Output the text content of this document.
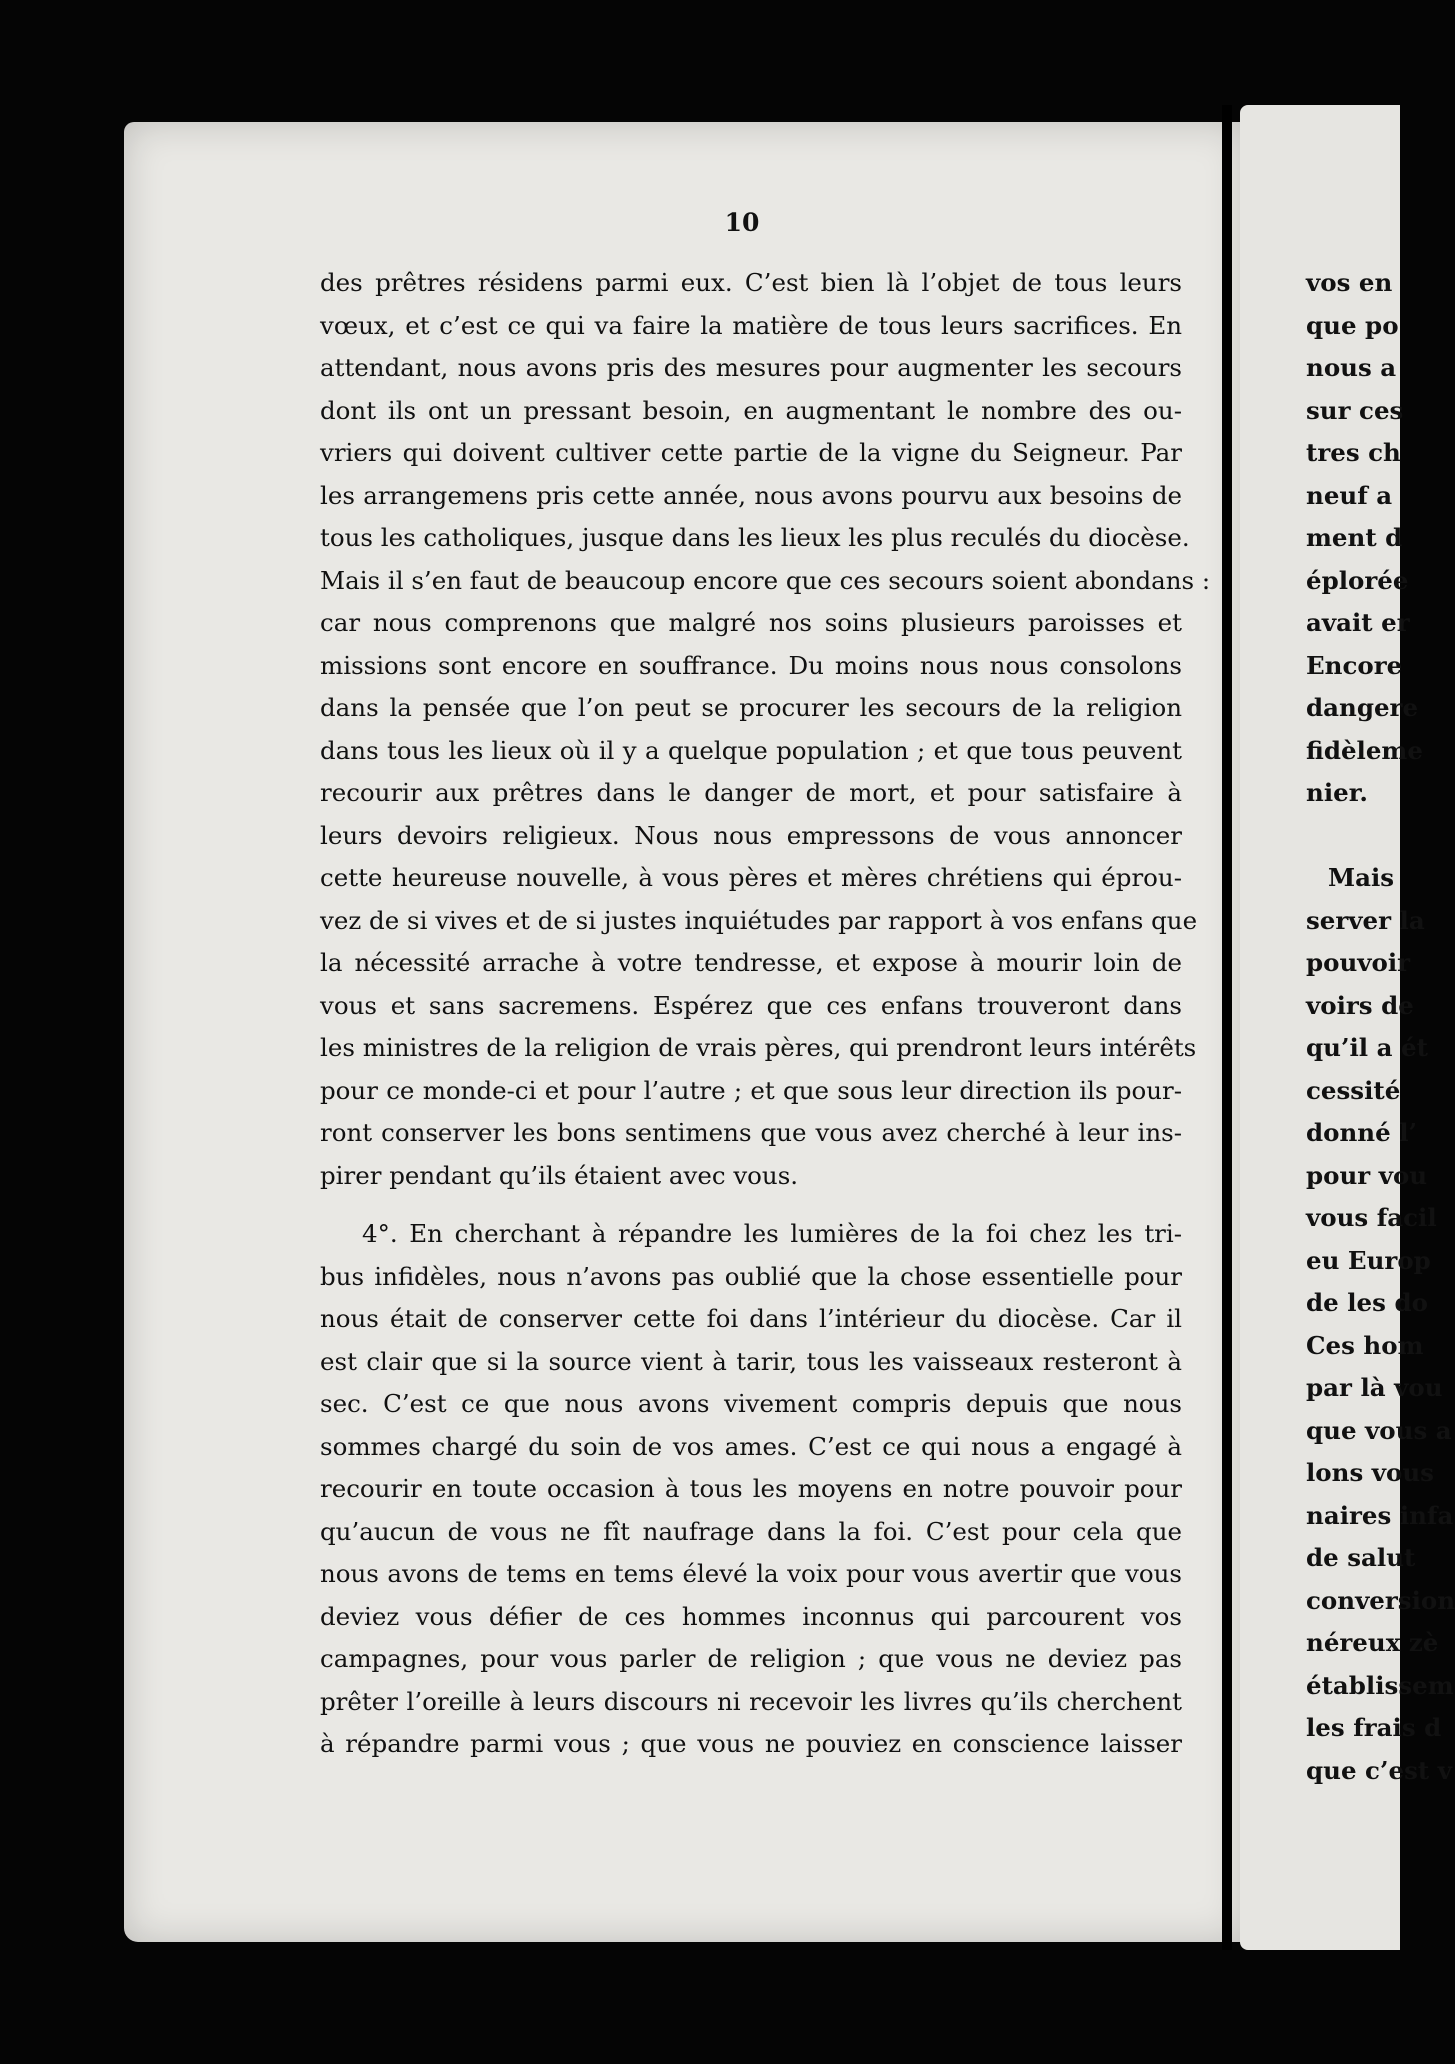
10
des prêtres résidens parmi eux. C’est bien là l’objet de tous leurs
vœux, et c’est ce qui va faire la matière de tous leurs sacrifices. En
attendant, nous avons pris des mesures pour augmenter les secours
dont ils ont un pressant besoin, en augmentant le nombre des ou-
vriers qui doivent cultiver cette partie de la vigne du Seigneur. Par
les arrangemens pris cette année, nous avons pourvu aux besoins de
tous les catholiques, jusque dans les lieux les plus reculés du diocèse.
Mais il s’en faut de beaucoup encore que ces secours soient abondans :
car nous comprenons que malgré nos soins plusieurs paroisses et
missions sont encore en souffrance. Du moins nous nous consolons
dans la pensée que l’on peut se procurer les secours de la religion
dans tous les lieux où il y a quelque population ; et que tous peuvent
recourir aux prêtres dans le danger de mort, et pour satisfaire à
leurs devoirs religieux. Nous nous empressons de vous annoncer
cette heureuse nouvelle, à vous pères et mères chrétiens qui éprou-
vez de si vives et de si justes inquiétudes par rapport à vos enfans que
la nécessité arrache à votre tendresse, et expose à mourir loin de
vous et sans sacremens. Espérez que ces enfans trouveront dans
les ministres de la religion de vrais pères, qui prendront leurs intérêts
pour ce monde-ci et pour l’autre ; et que sous leur direction ils pour-
ront conserver les bons sentimens que vous avez cherché à leur ins-
pirer pendant qu’ils étaient avec vous.
4°. En cherchant à répandre les lumières de la foi chez les tri-
bus infidèles, nous n’avons pas oublié que la chose essentielle pour
nous était de conserver cette foi dans l’intérieur du diocèse. Car il
est clair que si la source vient à tarir, tous les vaisseaux resteront à
sec. C’est ce que nous avons vivement compris depuis que nous
sommes chargé du soin de vos ames. C’est ce qui nous a engagé à
recourir en toute occasion à tous les moyens en notre pouvoir pour
qu’aucun de vous ne fît naufrage dans la foi. C’est pour cela que
nous avons de tems en tems élevé la voix pour vous avertir que vous
deviez vous défier de ces hommes inconnus qui parcourent vos
campagnes, pour vous parler de religion ; que vous ne deviez pas
prêter l’oreille à leurs discours ni recevoir les livres qu’ils cherchent
à répandre parmi vous ; que vous ne pouviez en conscience laisser
vos en
que po
nous a
sur ces
tres ch
neuf a
ment d
éplorée
avait er
Encore
dangere
fidèleme
nier.

Mais
server la
pouvoir
voirs de
qu’il a ét
cessité
donné l’
pour vou
vous facil
eu Europ
de les do
Ces hom
par là vou
que vous a
lons vous
naires infa
de salut
conversion
néreux zè
établissem
les frais d
que c’est v
